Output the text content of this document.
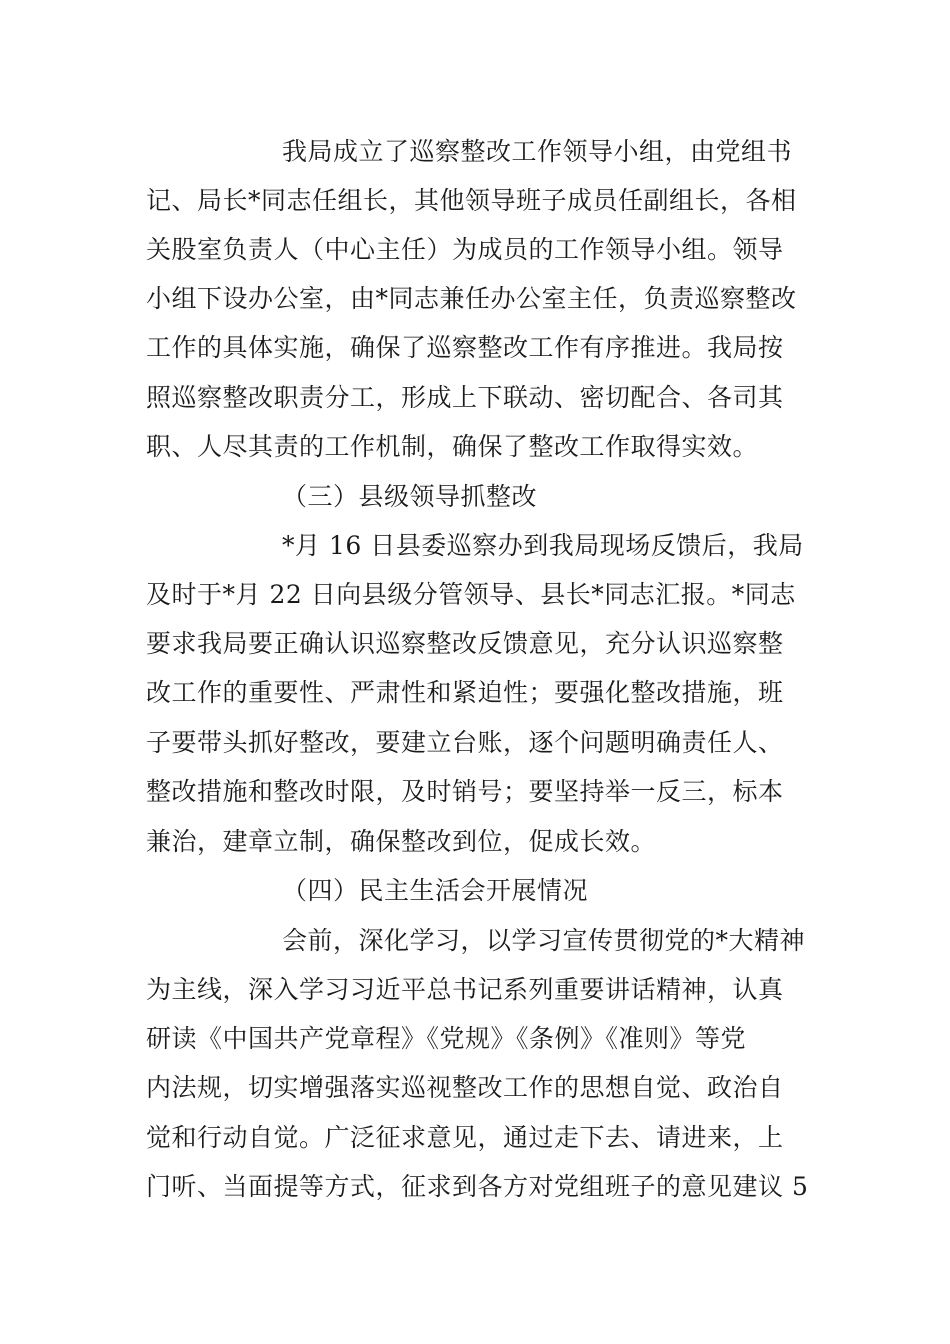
我局成立了巡察整改工作领导小组，由党组书
记、局长*同志任组长，其他领导班子成员任副组长，各相
关股室负责人（中心主任）为成员的工作领导小组。领导
小组下设办公室，由*同志兼任办公室主任，负责巡察整改
工作的具体实施，确保了巡察整改工作有序推进。我局按
照巡察整改职责分工，形成上下联动、密切配合、各司其
职、人尽其责的工作机制，确保了整改工作取得实效。
（三）县级领导抓整改
*月 16 日县委巡察办到我局现场反馈后，我局
及时于*月 22 日向县级分管领导、县长*同志汇报。*同志
要求我局要正确认识巡察整改反馈意见，充分认识巡察整
改工作的重要性、严肃性和紧迫性；要强化整改措施，班
子要带头抓好整改，要建立台账，逐个问题明确责任人、
整改措施和整改时限，及时销号；要坚持举一反三，标本
兼治，建章立制，确保整改到位，促成长效。
（四）民主生活会开展情况
会前，深化学习，以学习宣传贯彻党的*大精神
为主线，深入学习习近平总书记系列重要讲话精神，认真
研读《中国共产党章程》《党规》《条例》《准则》等党
内法规，切实增强落实巡视整改工作的思想自觉、政治自
觉和行动自觉。广泛征求意见，通过走下去、请进来，上
门听、当面提等方式，征求到各方对党组班子的意见建议 5
